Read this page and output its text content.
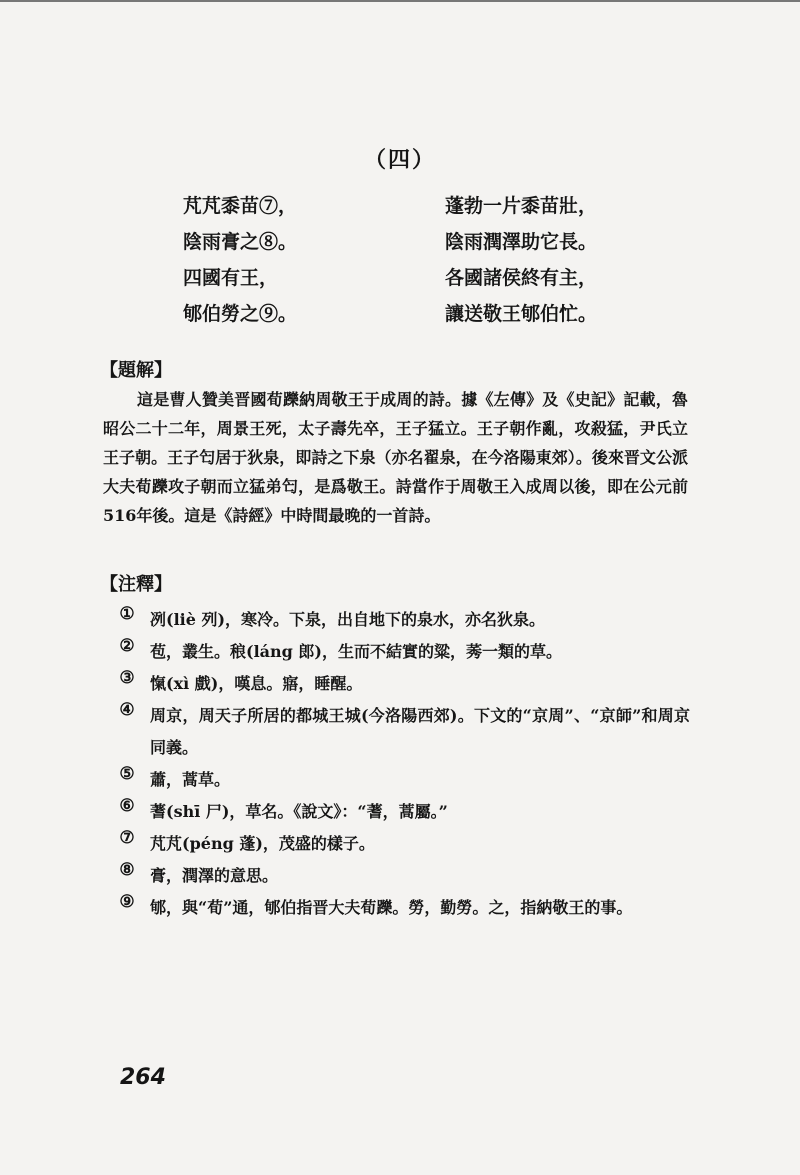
（四）
芃芃黍苗⑦，
陰雨膏之⑧。
四國有王，
郇伯勞之⑨。
蓬勃一片黍苗壯，
陰雨潤澤助它長。
各國諸侯終有主，
讓送敬王郇伯忙。
【題解】
這是曹人贊美晋國荀躒納周敬王于成周的詩。據《左傳》及《史記》記載，魯昭公二十二年，周景王死，太子壽先卒，王子猛立。王子朝作亂，攻殺猛，尹氏立王子朝。王子匄居于狄泉，即詩之下泉（亦名翟泉，在今洛陽東郊）。後來晋文公派大夫荀躒攻子朝而立猛弟匄，是爲敬王。詩當作于周敬王入成周以後，即在公元前516年後。這是《詩經》中時間最晚的一首詩。
【注釋】
① 冽(liè 列)，寒冷。下泉，出自地下的泉水，亦名狄泉。
② 苞，叢生。稂(láng 郎)，生而不結實的粱，莠一類的草。
③ 愾(xì 戲)，嘆息。寤，睡醒。
④ 周京，周天子所居的都城王城(今洛陽西郊)。下文的“京周”、“京師”和周京同義。
⑤ 蕭，蒿草。
⑥ 蓍(shī 尸)，草名。《說文》：“蓍，蒿屬。”
⑦ 芃芃(péng 蓬)，茂盛的樣子。
⑧ 膏，潤澤的意思。
⑨ 郇，與“荀”通，郇伯指晋大夫荀躒。勞，勤勞。之，指納敬王的事。
264
